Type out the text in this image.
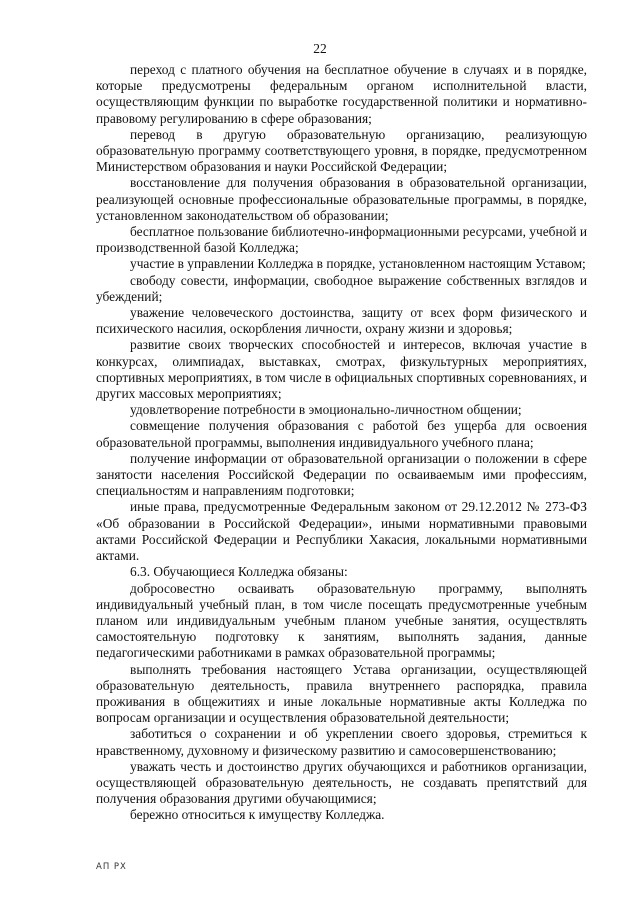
22

переход с платного обучения на бесплатное обучение в случаях и в порядке, которые предусмотрены федеральным органом исполнительной власти, осуществляющим функции по выработке государственной политики и нормативно-правовому регулированию в сфере образования;

перевод в другую образовательную организацию, реализующую образовательную программу соответствующего уровня, в порядке, предусмотренном Министерством образования и науки Российской Федерации;

восстановление для получения образования в образовательной организации, реализующей основные профессиональные образовательные программы, в порядке, установленном законодательством об образовании;

бесплатное пользование библиотечно-информационными ресурсами, учебной и производственной базой Колледжа;

участие в управлении Колледжа в порядке, установленном настоящим Уставом;

свободу совести, информации, свободное выражение собственных взглядов и убеждений;

уважение человеческого достоинства, защиту от всех форм физического и психического насилия, оскорбления личности, охрану жизни и здоровья;

развитие своих творческих способностей и интересов, включая участие в конкурсах, олимпиадах, выставках, смотрах, физкультурных мероприятиях, спортивных мероприятиях, в том числе в официальных спортивных соревнованиях, и других массовых мероприятиях;

удовлетворение потребности в эмоционально-личностном общении;

совмещение получения образования с работой без ущерба для освоения образовательной программы, выполнения индивидуального учебного плана;

получение информации от образовательной организации о положении в сфере занятости населения Российской Федерации по осваиваемым ими профессиям, специальностям и направлениям подготовки;

иные права, предусмотренные Федеральным законом от 29.12.2012 № 273-ФЗ «Об образовании в Российской Федерации», иными нормативными правовыми актами Российской Федерации и Республики Хакасия, локальными нормативными актами.

6.3. Обучающиеся Колледжа обязаны:

добросовестно осваивать образовательную программу, выполнять индивидуальный учебный план, в том числе посещать предусмотренные учебным планом или индивидуальным учебным планом учебные занятия, осуществлять самостоятельную подготовку к занятиям, выполнять задания, данные педагогическими работниками в рамках образовательной программы;

выполнять требования настоящего Устава организации, осуществляющей образовательную деятельность, правила внутреннего распорядка, правила проживания в общежитиях и иные локальные нормативные акты Колледжа по вопросам организации и осуществления образовательной деятельности;

заботиться о сохранении и об укреплении своего здоровья, стремиться к нравственному, духовному и физическому развитию и самосовершенствованию;

уважать честь и достоинство других обучающихся и работников организации, осуществляющей образовательную деятельность, не создавать препятствий для получения образования другими обучающимися;

бережно относиться к имуществу Колледжа.

АП РХ
